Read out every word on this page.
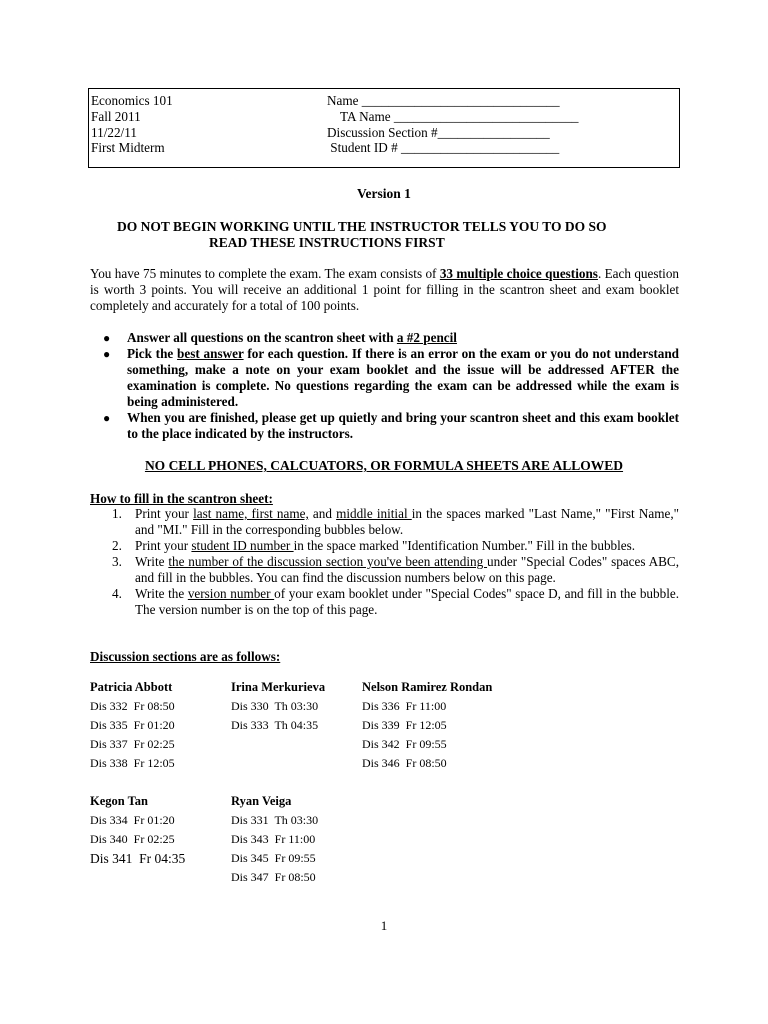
Economics 101
Fall 2011
11/22/11
First Midterm
Name ______________________________
TA Name ____________________________
Discussion Section #_________________
Student ID # ________________________
Version 1
DO NOT BEGIN WORKING UNTIL THE INSTRUCTOR TELLS YOU TO DO SO
READ THESE INSTRUCTIONS FIRST
You have 75 minutes to complete the exam. The exam consists of 33 multiple choice questions. Each question is worth 3 points. You will receive an additional 1 point for filling in the scantron sheet and exam booklet completely and accurately for a total of 100 points.
● Answer all questions on the scantron sheet with a #2 pencil
● Pick the best answer for each question. If there is an error on the exam or you do not understand something, make a note on your exam booklet and the issue will be addressed AFTER the examination is complete. No questions regarding the exam can be addressed while the exam is being administered.
● When you are finished, please get up quietly and bring your scantron sheet and this exam booklet to the place indicated by the instructors.
NO CELL PHONES, CALCUATORS, OR FORMULA SHEETS ARE ALLOWED
How to fill in the scantron sheet:
1. Print your last name, first name, and middle initial in the spaces marked "Last Name," "First Name," and "MI." Fill in the corresponding bubbles below.
2. Print your student ID number in the space marked "Identification Number." Fill in the bubbles.
3. Write the number of the discussion section you've been attending under "Special Codes" spaces ABC, and fill in the bubbles. You can find the discussion numbers below on this page.
4. Write the version number of your exam booklet under "Special Codes" space D, and fill in the bubble. The version number is on the top of this page.
Discussion sections are as follows:
Patricia Abbott
Dis 332  Fr 08:50
Dis 335  Fr 01:20
Dis 337  Fr 02:25
Dis 338  Fr 12:05
Irina Merkurieva
Dis 330  Th 03:30
Dis 333  Th 04:35
Nelson Ramirez Rondan
Dis 336  Fr 11:00
Dis 339  Fr 12:05
Dis 342  Fr 09:55
Dis 346  Fr 08:50
Kegon Tan
Dis 334  Fr 01:20
Dis 340  Fr 02:25
Dis 341  Fr 04:35
Ryan Veiga
Dis 331  Th 03:30
Dis 343  Fr 11:00
Dis 345  Fr 09:55
Dis 347  Fr 08:50
1
